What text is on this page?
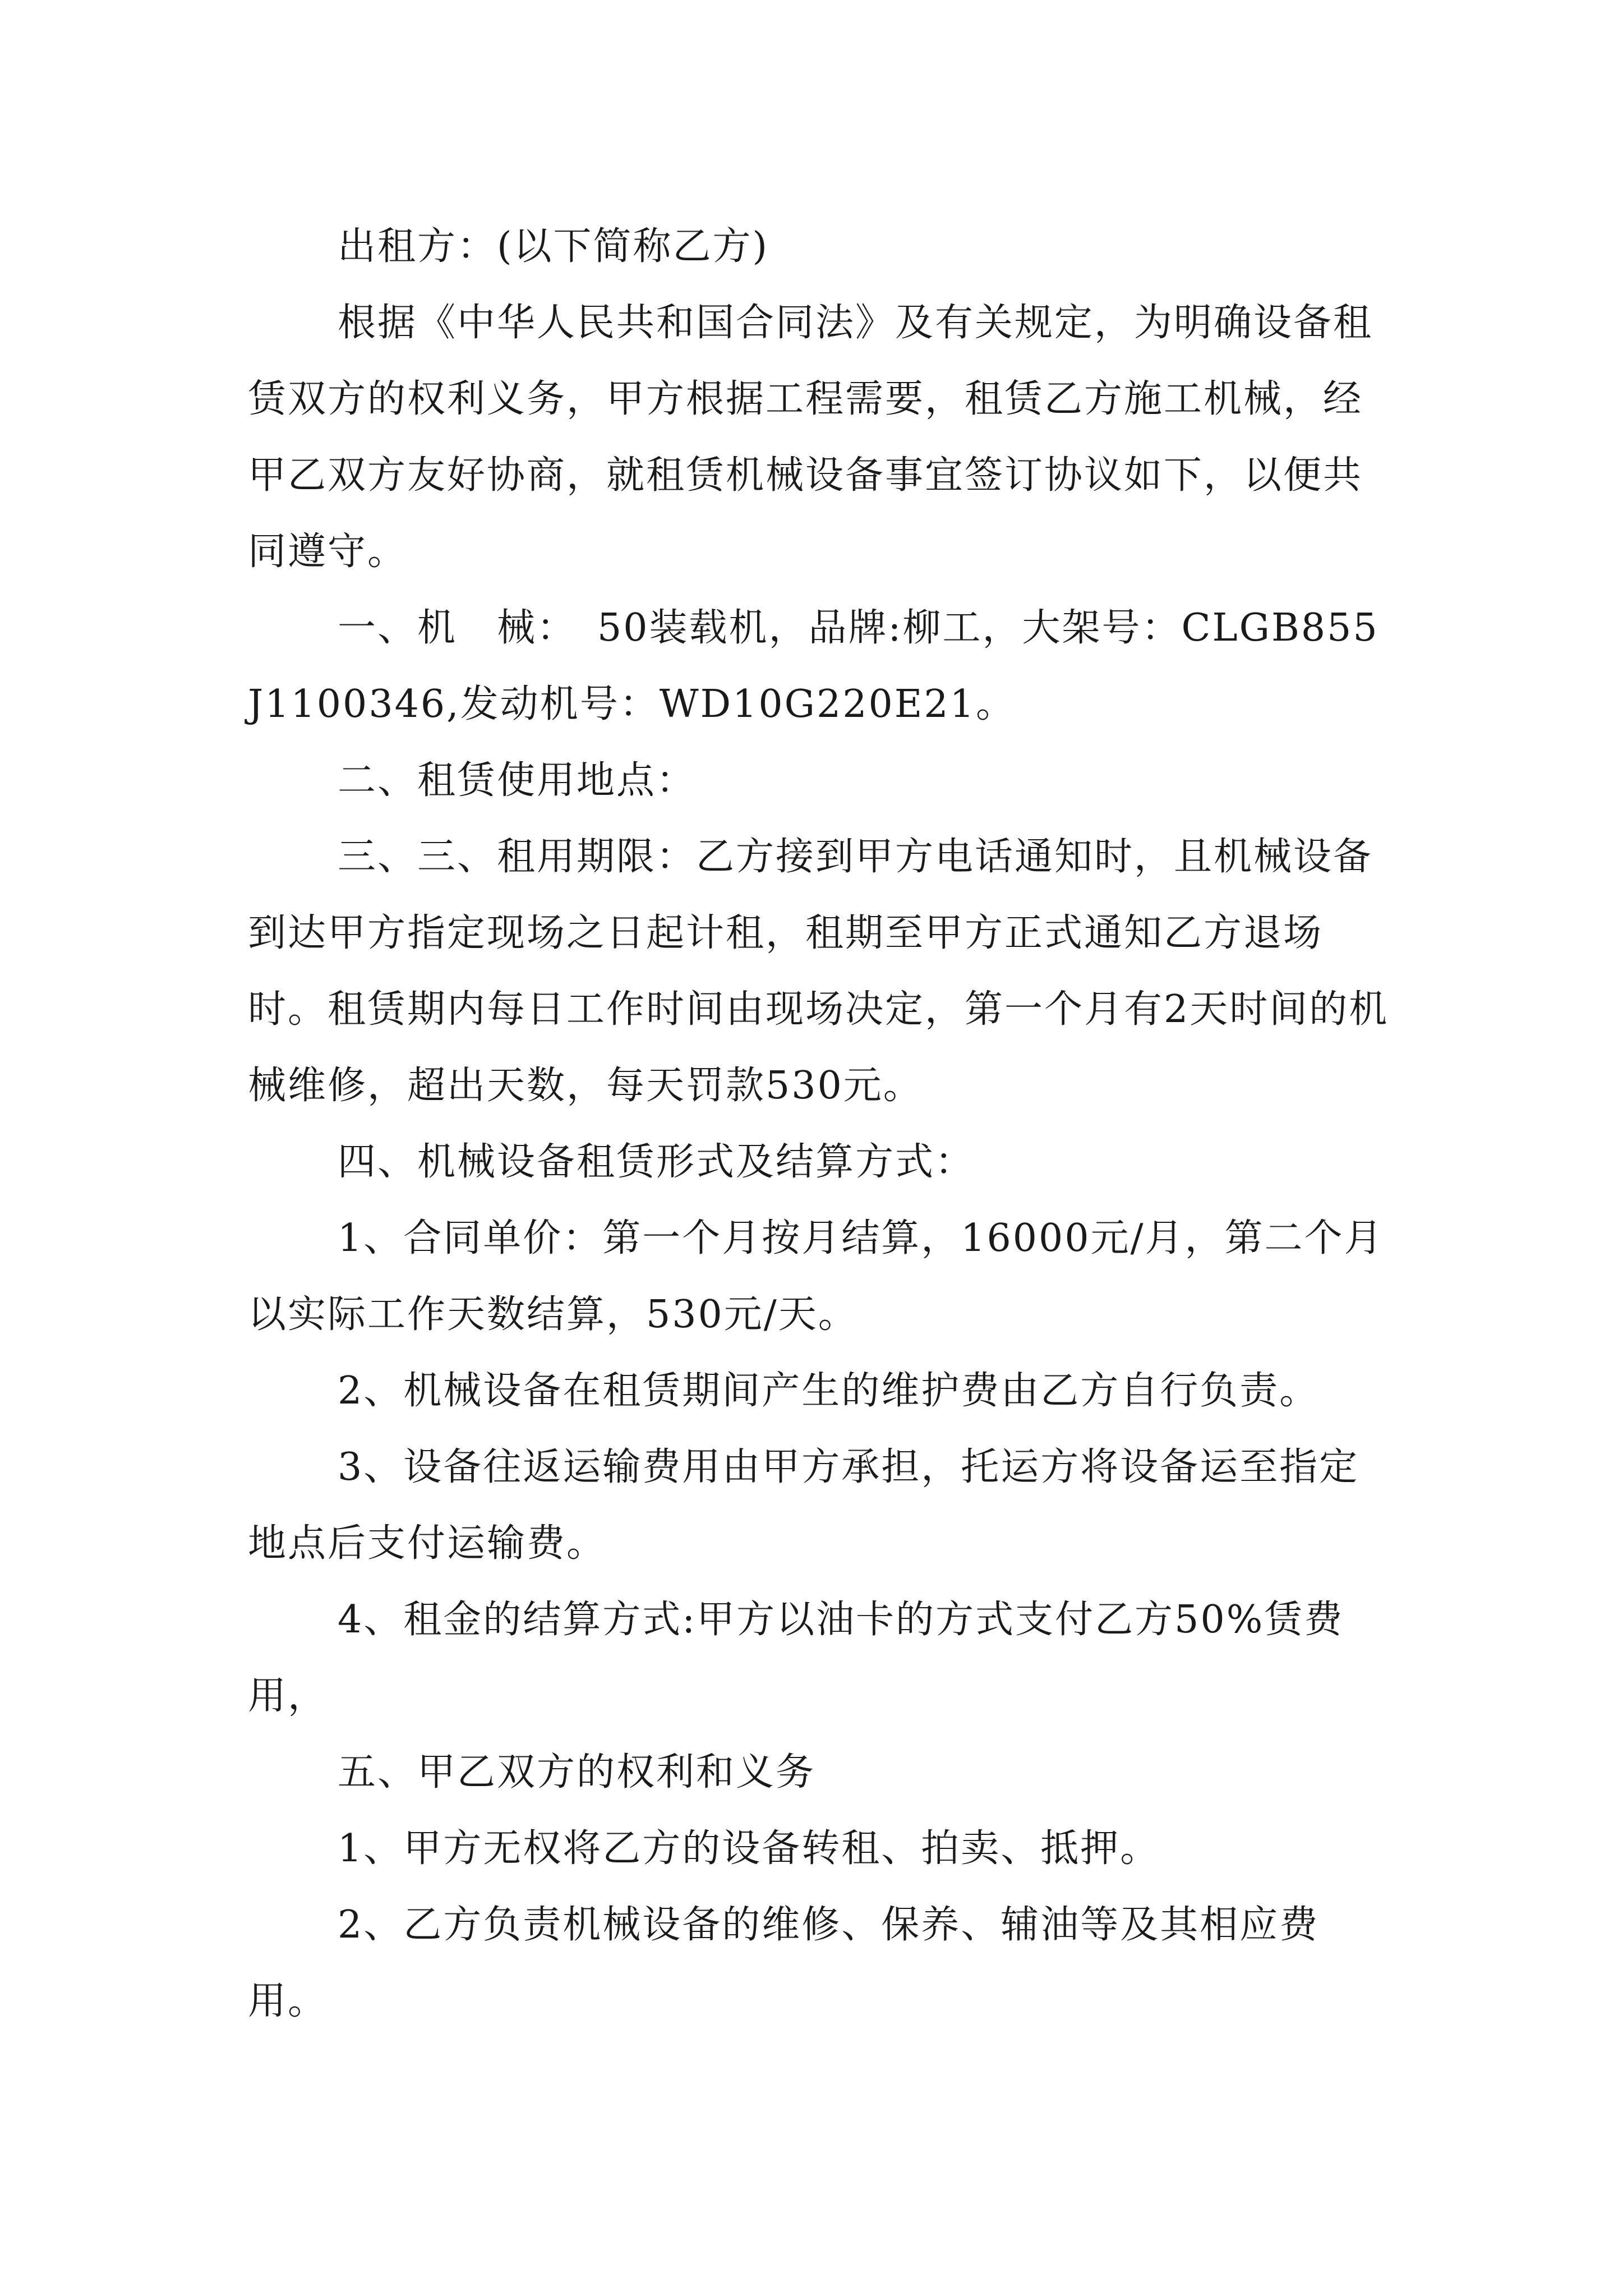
出租方：(以下简称乙方)

根据《中华人民共和国合同法》及有关规定，为明确设备租赁双方的权利义务，甲方根据工程需要，租赁乙方施工机械，经甲乙双方友好协商，就租赁机械设备事宜签订协议如下，以便共同遵守。

一、机　械：　50装载机，品牌:柳工，大架号：CLGB855J1100346,发动机号：WD10G220E21。

二、租赁使用地点：

三、三、租用期限：乙方接到甲方电话通知时，且机械设备到达甲方指定现场之日起计租，租期至甲方正式通知乙方退场时。租赁期内每日工作时间由现场决定，第一个月有2天时间的机械维修，超出天数，每天罚款530元。

四、机械设备租赁形式及结算方式：

1、合同单价：第一个月按月结算，16000元/月，第二个月以实际工作天数结算，530元/天。

2、机械设备在租赁期间产生的维护费由乙方自行负责。

3、设备往返运输费用由甲方承担，托运方将设备运至指定地点后支付运输费。

4、租金的结算方式:甲方以油卡的方式支付乙方50%赁费用，

五、甲乙双方的权利和义务

1、甲方无权将乙方的设备转租、拍卖、抵押。

2、乙方负责机械设备的维修、保养、辅油等及其相应费用。
